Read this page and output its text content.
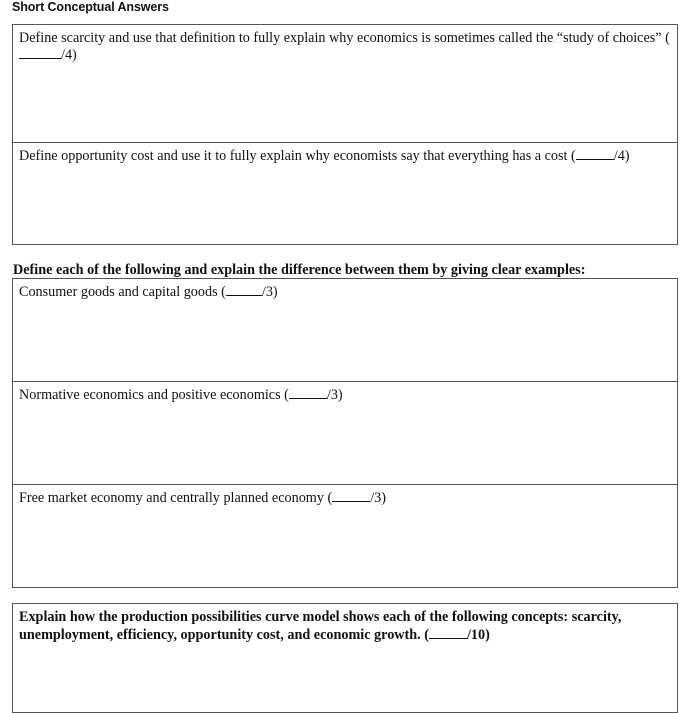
Short Conceptual Answers

Define scarcity and use that definition to fully explain why economics is sometimes called the “study of choices” (/4)

Define opportunity cost and use it to fully explain why economists say that everything has a cost (	/4)

Define each of the following and explain the difference between them by giving clear examples:

Consumer goods and capital goods (	/3)

Normative economics and positive economics (	/3)

Free market economy and centrally planned economy (	/3)

Explain how the production possibilities curve model shows each of the following concepts: scarcity, unemployment, efficiency, opportunity cost, and economic growth. (	/10)
